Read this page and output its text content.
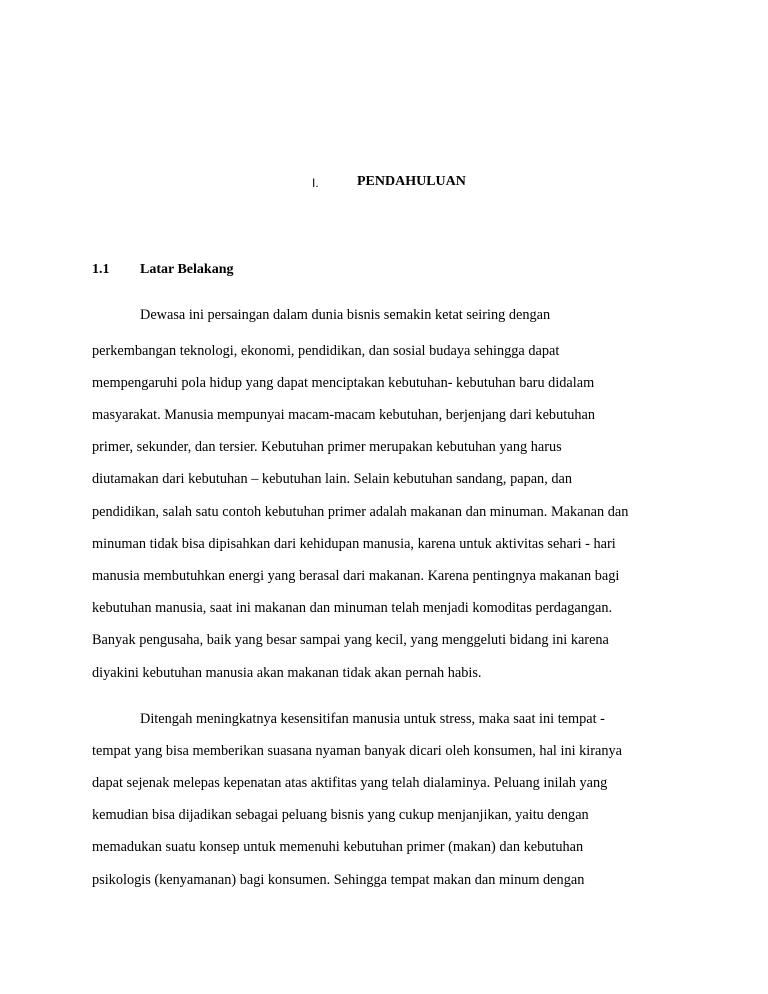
I.	PENDAHULUAN
1.1 Latar Belakang
Dewasa ini persaingan dalam dunia bisnis semakin ketat seiring dengan
perkembangan teknologi, ekonomi, pendidikan, dan sosial budaya sehingga dapat
mempengaruhi pola hidup yang dapat menciptakan kebutuhan- kebutuhan baru didalam
masyarakat. Manusia mempunyai macam-macam kebutuhan, berjenjang dari kebutuhan
primer, sekunder, dan tersier. Kebutuhan primer merupakan kebutuhan yang harus
diutamakan dari kebutuhan – kebutuhan lain. Selain kebutuhan sandang, papan, dan
pendidikan, salah satu contoh kebutuhan primer adalah makanan dan minuman. Makanan dan
minuman tidak bisa dipisahkan dari kehidupan manusia, karena untuk aktivitas sehari - hari
manusia membutuhkan energi yang berasal dari makanan. Karena pentingnya makanan bagi
kebutuhan manusia, saat ini makanan dan minuman telah menjadi komoditas perdagangan.
Banyak pengusaha, baik yang besar sampai yang kecil, yang menggeluti bidang ini karena
diyakini kebutuhan manusia akan makanan tidak akan pernah habis.
Ditengah meningkatnya kesensitifan manusia untuk stress, maka saat ini tempat -
tempat yang bisa memberikan suasana nyaman banyak dicari oleh konsumen, hal ini kiranya
dapat sejenak melepas kepenatan atas aktifitas yang telah dialaminya. Peluang inilah yang
kemudian bisa dijadikan sebagai peluang bisnis yang cukup menjanjikan, yaitu dengan
memadukan suatu konsep untuk memenuhi kebutuhan primer (makan) dan kebutuhan
psikologis (kenyamanan) bagi konsumen. Sehingga tempat makan dan minum dengan
